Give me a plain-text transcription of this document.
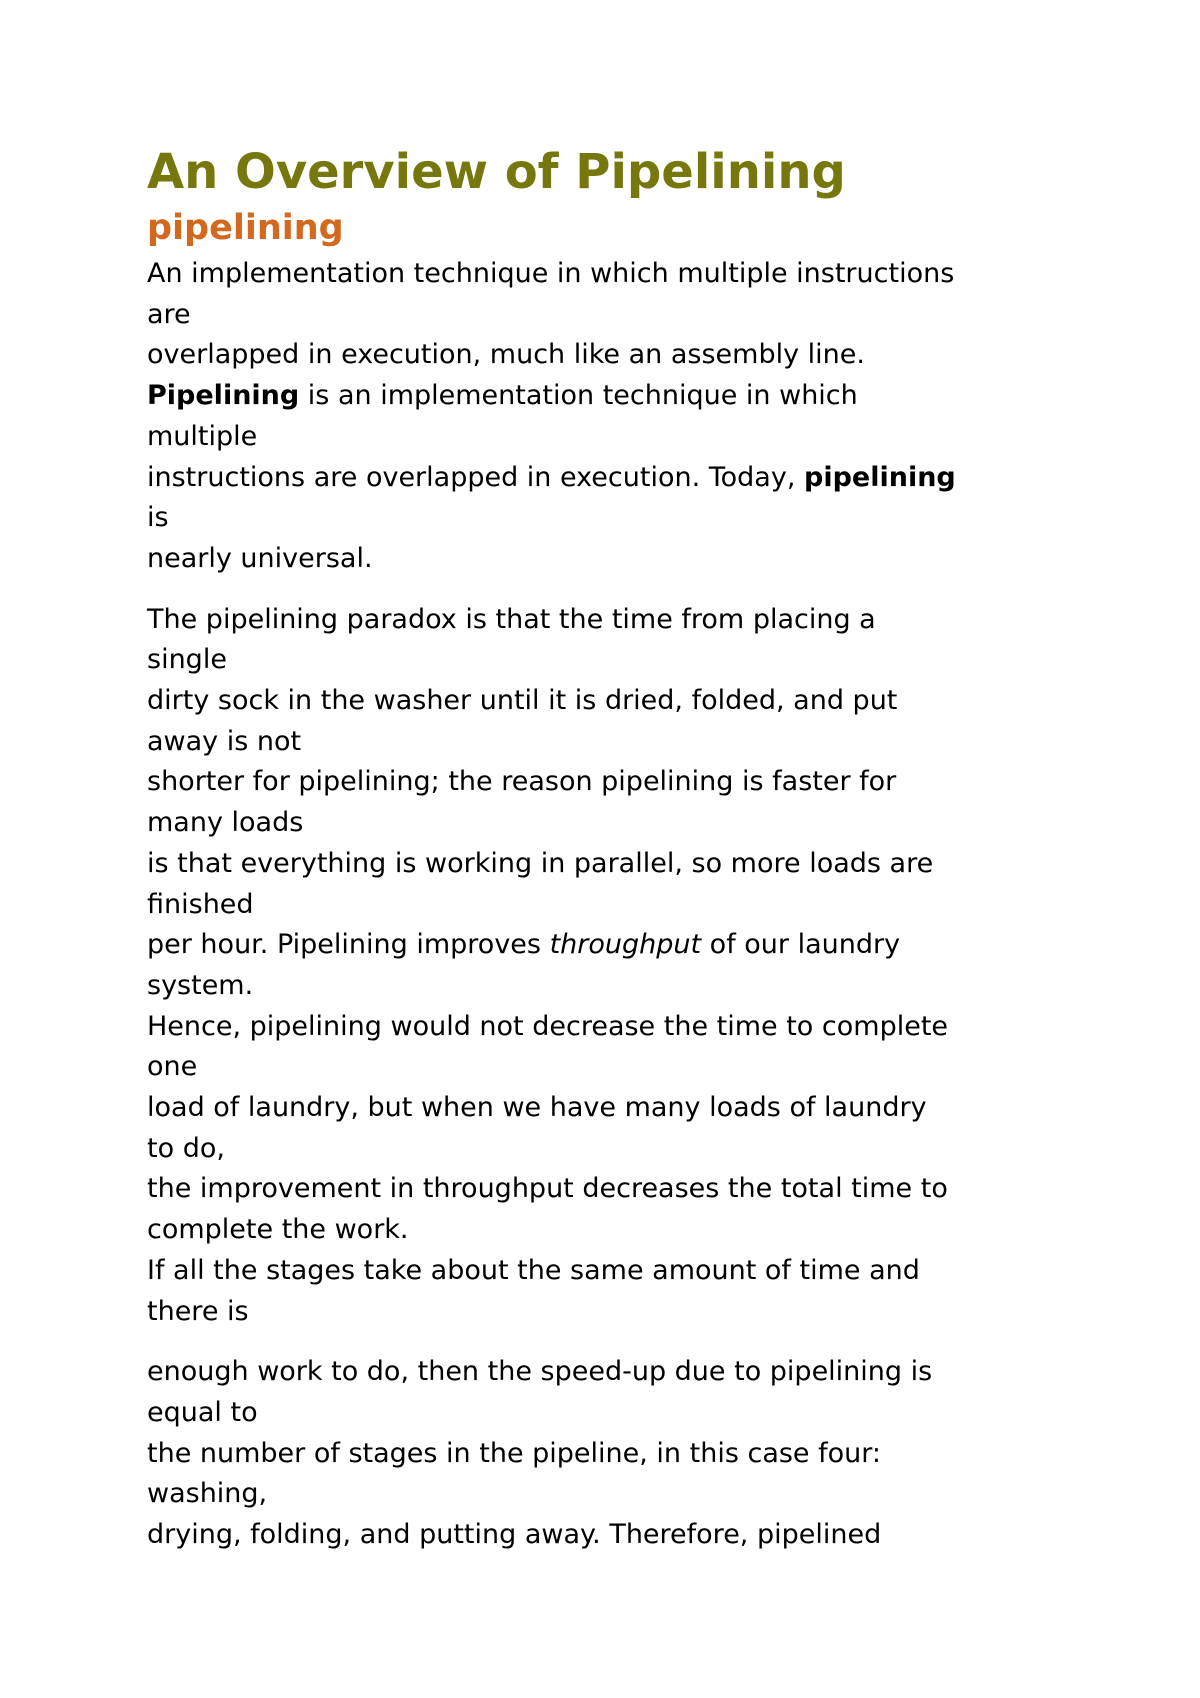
An Overview of Pipelining
pipelining

An implementation technique in which multiple instructions

are

overlapped in execution, much like an assembly line.

Pipelining is an implementation technique in which

multiple

instructions are overlapped in execution. Today, pipelining

is

nearly universal.

The pipelining paradox is that the time from placing a

single

dirty sock in the washer until it is dried, folded, and put

away is not

shorter for pipelining; the reason pipelining is faster for

many loads

is that everything is working in parallel, so more loads are

finished

per hour. Pipelining improves throughput of our laundry

system.

Hence, pipelining would not decrease the time to complete

one

load of laundry, but when we have many loads of laundry

to do,

the improvement in throughput decreases the total time to

complete the work.

If all the stages take about the same amount of time and

there is

enough work to do, then the speed-up due to pipelining is

equal to

the number of stages in the pipeline, in this case four:

washing,

drying, folding, and putting away. Therefore, pipelined
